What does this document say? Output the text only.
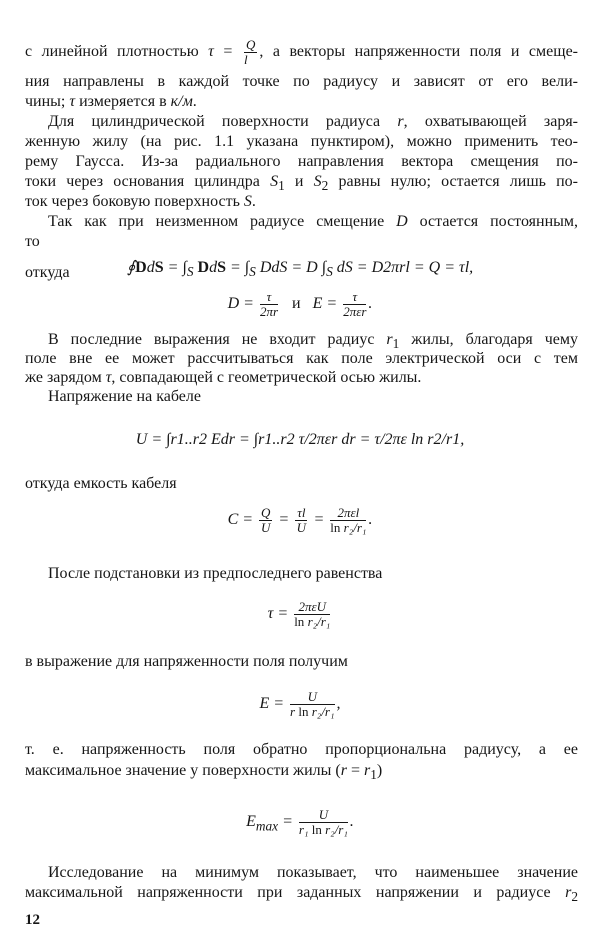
с линейной плотностью $\tau = \frac{Q}{l}$ , а векторы напряженности поля и смеще-
ния направлены в каждой точке по радиусу и зависят от его вели-
чины; τ измеряется в к/м.
Для цилиндрической поверхности радиуса r, охватывающей заря-
женную жилу (на рис. 1.1 указана пунктиром), можно применить тео-
рему Гаусса. Из-за радиального направления вектора смещения по-
токи через основания цилиндра $S_1$ и $S_2$ равны нулю; остается лишь по-
ток через боковую поверхность S.
Так как при неизменном радиусе смещение D остается постоянным,
то
∮DdS = $\int_S$ DdS = $\int_S$ DdS = D $\int_S$ dS = D2πrl = Q = τl,
откуда
$D = \frac{\tau}{2\pi r}$ и   E = τ
2πεr .
В последние выражения не входит радиус $r_1$ жилы, благодаря чему
поле вне ее может рассчитываться как поле электрической оси с тем
же зарядом τ, совпадающей с геометрической осью жилы.
Напряжение на кабеле
U = ∫r1..r2 Edr = ∫r1..r2 τ/2πεr dr = τ/2πε ln r2/r1,
откуда емкость кабеля
$C = \frac{Q}{U} = \frac{\tau l}{U} = 2\pi\varepsilon l$
ln r₂/r₁ .
После подстановки из предпоследнего равенства
τ = 2πεU
ln r₂/r₁
в выражение для напряженности поля получим
$E = \frac{U}{\text{r ln r₂/r₁}}$ ,
т. е. напряженность поля обратно пропорциональна радиусу, а ее
максимальное значение у поверхности жилы $(r = r_1)$
$E_{max} = \frac{U}{\text{r₁ ln r₂/r₁}}$ .
Исследование на минимум показывает, что наименьшее значение
максимальной напряженности при заданных напряжении и радиусе $r_2$
12
